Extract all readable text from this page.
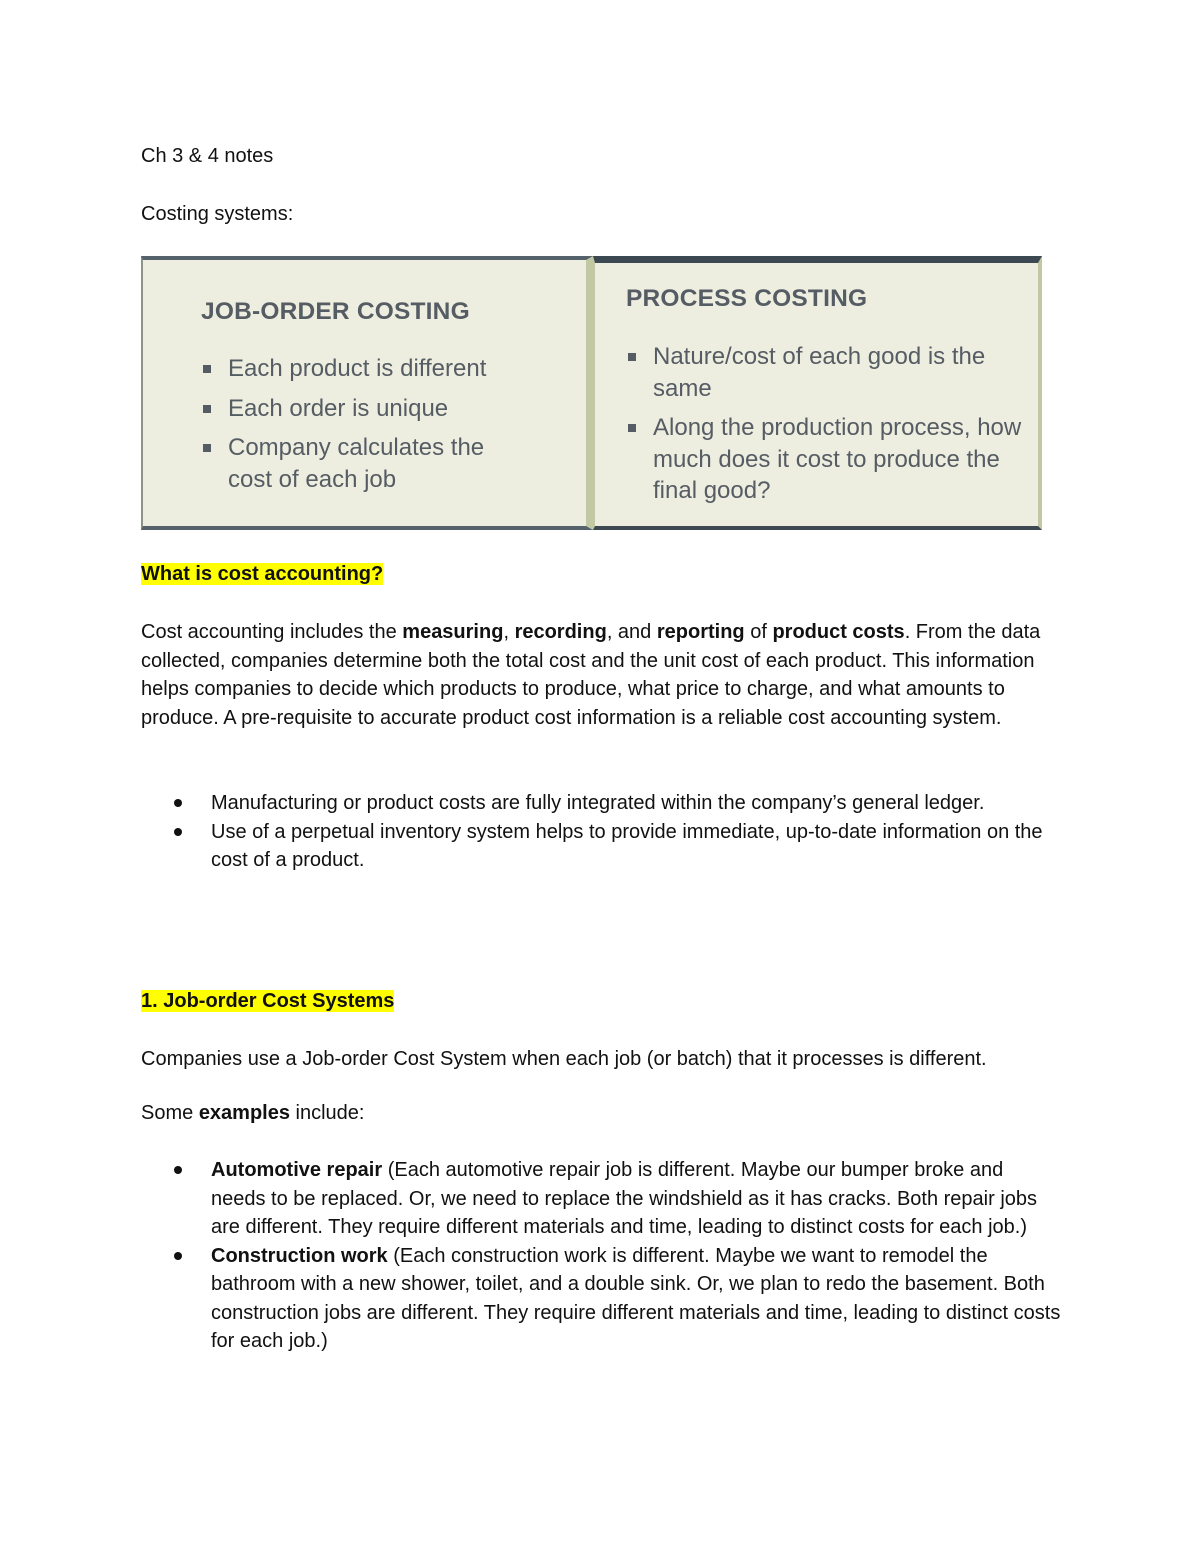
Ch 3 & 4 notes

Costing systems:

JOB-ORDER COSTING

Each product is different
Each order is unique
Company calculates the cost of each job

PROCESS COSTING

Nature/cost of each good is the same
Along the production process, how much does it cost to produce the final good?

What is cost accounting?

Cost accounting includes the measuring, recording, and reporting of product costs. From the data collected, companies determine both the total cost and the unit cost of each product. This information helps companies to decide which products to produce, what price to charge, and what amounts to produce. A pre-requisite to accurate product cost information is a reliable cost accounting system.

Manufacturing or product costs are fully integrated within the company’s general ledger.
Use of a perpetual inventory system helps to provide immediate, up-to-date information on the cost of a product.

1. Job-order Cost Systems

Companies use a Job-order Cost System when each job (or batch) that it processes is different.

Some examples include:

Automotive repair (Each automotive repair job is different. Maybe our bumper broke and needs to be replaced. Or, we need to replace the windshield as it has cracks. Both repair jobs are different. They require different materials and time, leading to distinct costs for each job.)
Construction work (Each construction work is different. Maybe we want to remodel the bathroom with a new shower, toilet, and a double sink. Or, we plan to redo the basement. Both construction jobs are different. They require different materials and time, leading to distinct costs for each job.)
